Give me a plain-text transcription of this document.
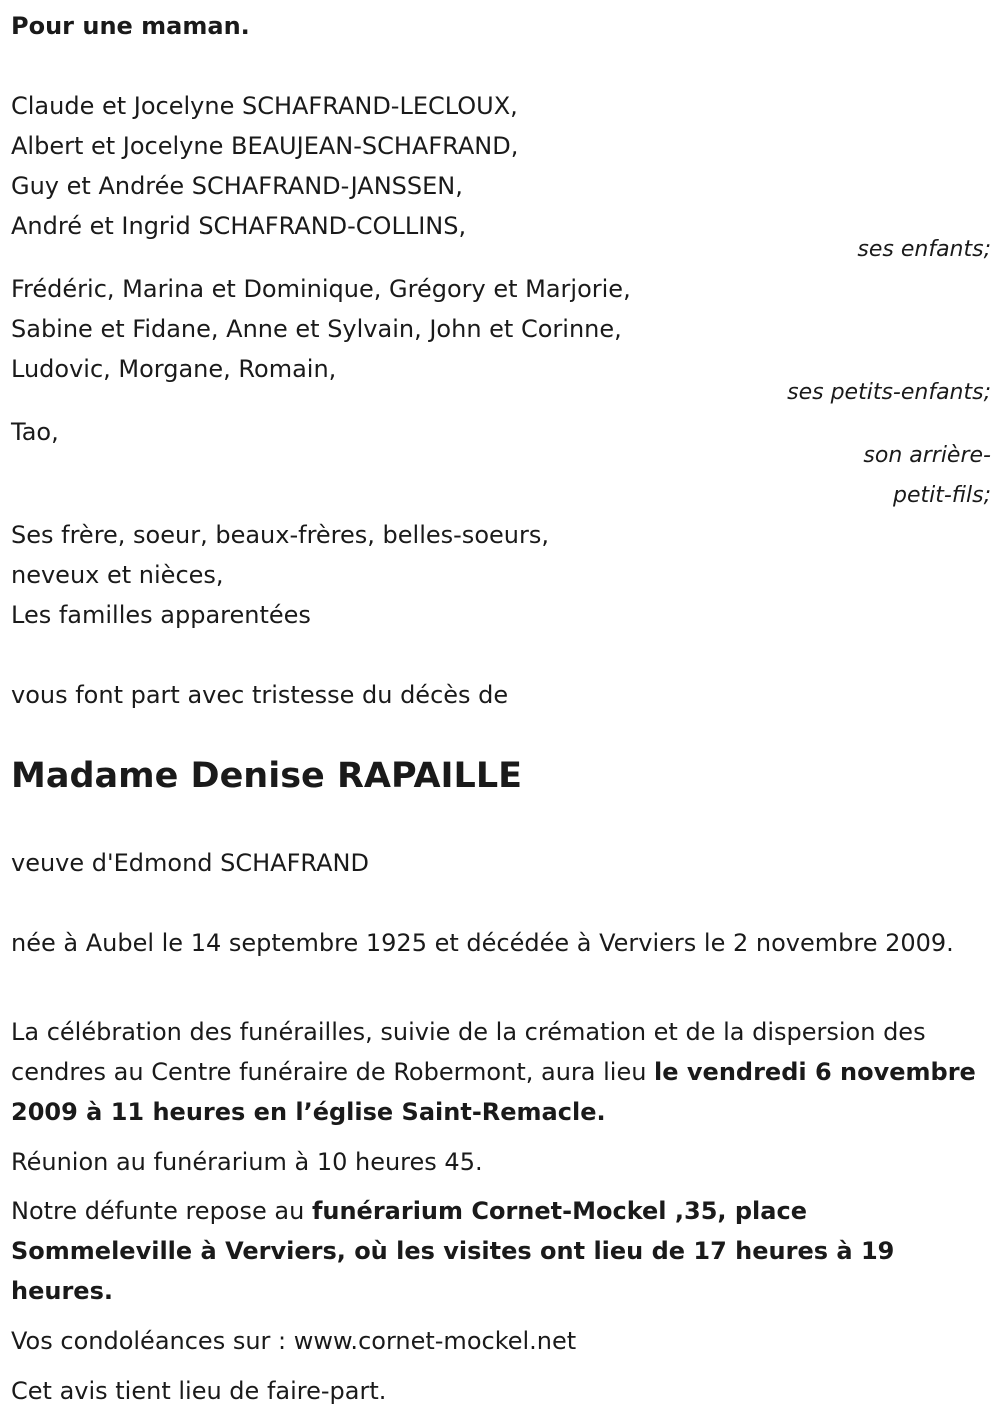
Pour une maman.
Claude et Jocelyne SCHAFRAND-LECLOUX,
Albert et Jocelyne BEAUJEAN-SCHAFRAND,
Guy et Andrée SCHAFRAND-JANSSEN,
André et Ingrid SCHAFRAND-COLLINS,
ses enfants;
Frédéric, Marina et Dominique, Grégory et Marjorie,
Sabine et Fidane, Anne et Sylvain, John et Corinne,
Ludovic, Morgane, Romain,
ses petits-enfants;
Tao,
son arrière-
petit-fils;
Ses frère, soeur, beaux-frères, belles-soeurs,
neveux et nièces,
Les familles apparentées
vous font part avec tristesse du décès de
Madame Denise RAPAILLE
veuve d'Edmond SCHAFRAND
née à Aubel le 14 septembre 1925 et décédée à Verviers le 2 novembre 2009.
La célébration des funérailles, suivie de la crémation et de la dispersion des cendres au Centre funéraire de Robermont, aura lieu le vendredi 6 novembre 2009 à 11 heures en l’église Saint-Remacle.
Réunion au funérarium à 10 heures 45.
Notre défunte repose au funérarium Cornet-Mockel ,35, place Sommeleville à Verviers, où les visites ont lieu de 17 heures à 19 heures.
Vos condoléances sur : www.cornet-mockel.net
Cet avis tient lieu de faire-part.
